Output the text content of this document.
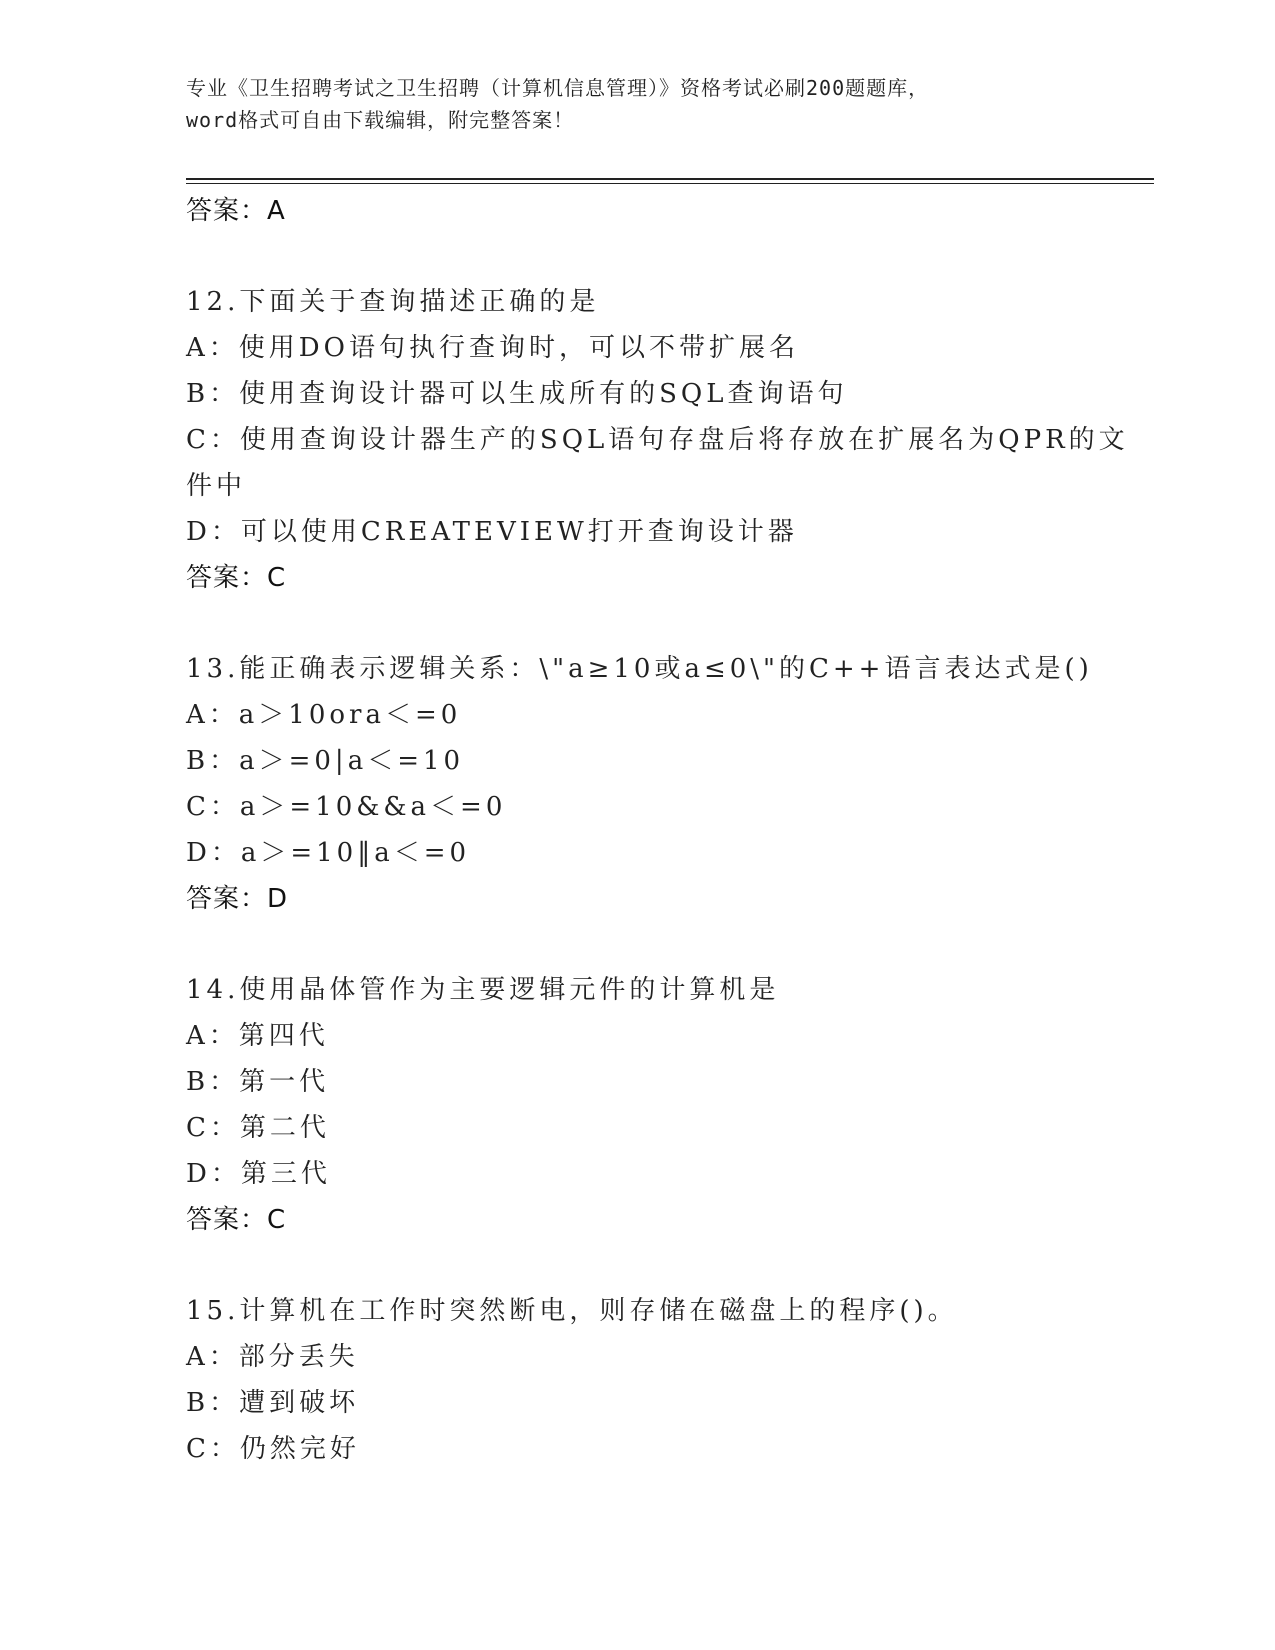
专业《卫生招聘考试之卫生招聘（计算机信息管理）》资格考试必刷200题题库，
word格式可自由下载编辑，附完整答案！
答案：A
12.下面关于查询描述正确的是
A：使用DO语句执行查询时，可以不带扩展名
B：使用查询设计器可以生成所有的SQL查询语句
C：使用查询设计器生产的SQL语句存盘后将存放在扩展名为QPR的文
件中
D：可以使用CREATEVIEW打开查询设计器
答案：C
13.能正确表示逻辑关系：\"a≥10或a≤0\"的C++语言表达式是()
A：a＞10ora＜=0
B：a＞=0|a＜=10
C：a＞=10&&a＜=0
D：a＞=10‖a＜=0
答案：D
14.使用晶体管作为主要逻辑元件的计算机是
A：第四代
B：第一代
C：第二代
D：第三代
答案：C
15.计算机在工作时突然断电，则存储在磁盘上的程序()。
A：部分丢失
B：遭到破坏
C：仍然完好
